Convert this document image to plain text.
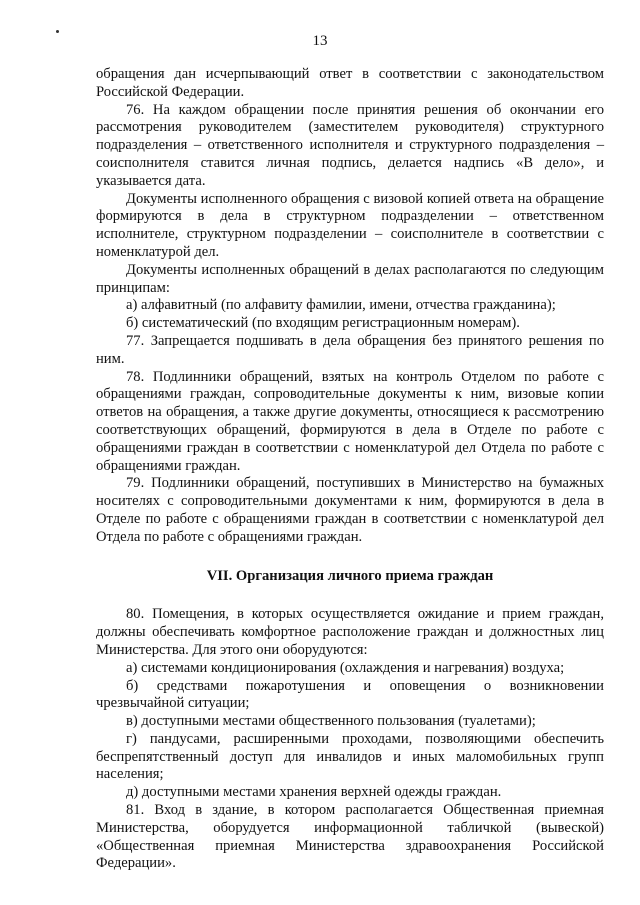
13

обращения дан исчерпывающий ответ в соответствии с законодательством Российской Федерации.

76. На каждом обращении после принятия решения об окончании его рассмотрения руководителем (заместителем руководителя) структурного подразделения – ответственного исполнителя и структурного подразделения – соисполнителя ставится личная подпись, делается надпись «В дело», и указывается дата.

Документы исполненного обращения с визовой копией ответа на обращение формируются в дела в структурном подразделении – ответственном исполнителе, структурном подразделении – соисполнителе в соответствии с номенклатурой дел.

Документы исполненных обращений в делах располагаются по следующим принципам:

а) алфавитный (по алфавиту фамилии, имени, отчества гражданина);

б) систематический (по входящим регистрационным номерам).

77. Запрещается подшивать в дела обращения без принятого решения по ним.

78. Подлинники обращений, взятых на контроль Отделом по работе с обращениями граждан, сопроводительные документы к ним, визовые копии ответов на обращения, а также другие документы, относящиеся к рассмотрению соответствующих обращений, формируются в дела в Отделе по работе с обращениями граждан в соответствии с номенклатурой дел Отдела по работе с обращениями граждан.

79. Подлинники обращений, поступивших в Министерство на бумажных носителях с сопроводительными документами к ним, формируются в дела в Отделе по работе с обращениями граждан в соответствии с номенклатурой дел Отдела по работе с обращениями граждан.

VII. Организация личного приема граждан

80. Помещения, в которых осуществляется ожидание и прием граждан, должны обеспечивать комфортное расположение граждан и должностных лиц Министерства. Для этого они оборудуются:

а) системами кондиционирования (охлаждения и нагревания) воздуха;

б) средствами пожаротушения и оповещения о возникновении чрезвычайной ситуации;

в) доступными местами общественного пользования (туалетами);

г) пандусами, расширенными проходами, позволяющими обеспечить беспрепятственный доступ для инвалидов и иных маломобильных групп населения;

д) доступными местами хранения верхней одежды граждан.

81. Вход в здание, в котором располагается Общественная приемная Министерства, оборудуется информационной табличкой (вывеской) «Общественная приемная Министерства здравоохранения Российской Федерации».
